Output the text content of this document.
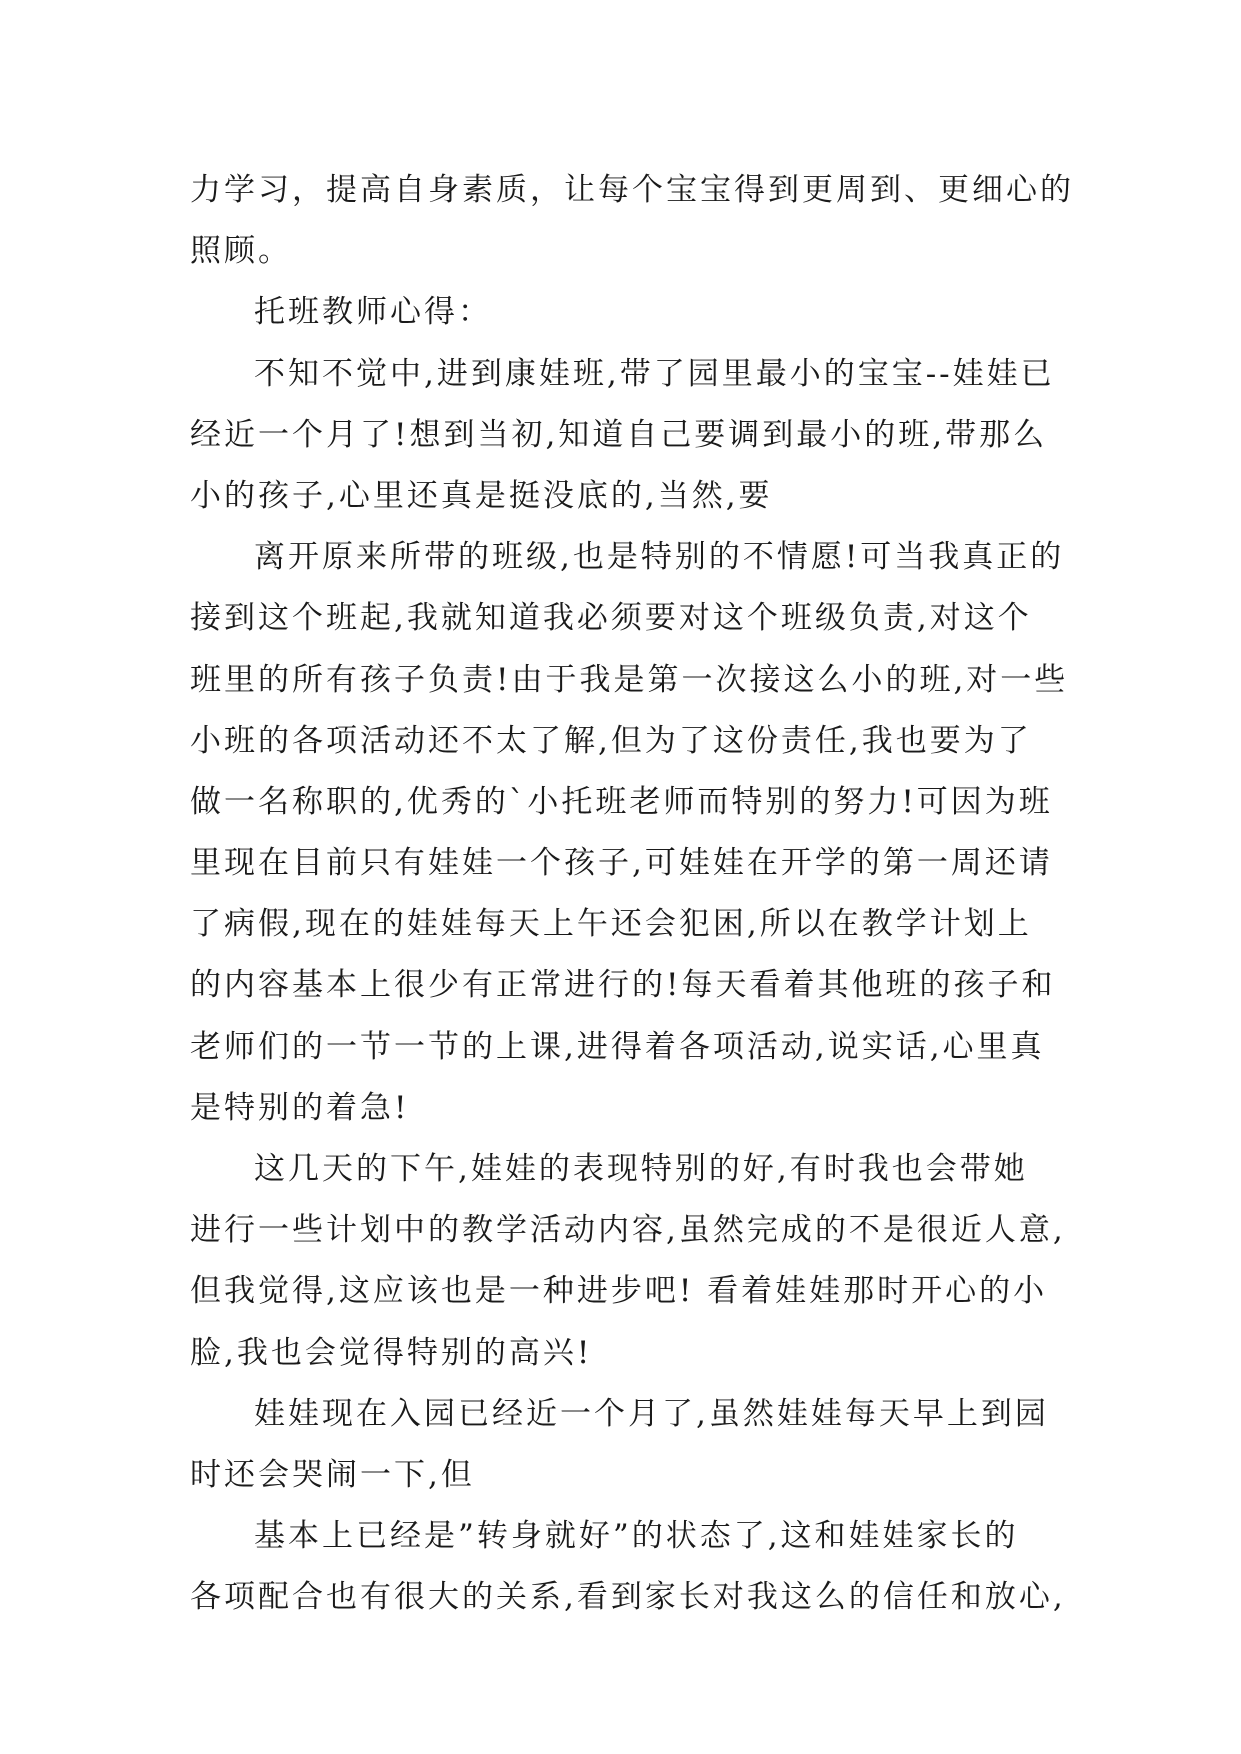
力学习，提高自身素质，让每个宝宝得到更周到、更细心的
照顾。
托班教师心得：
不知不觉中,进到康娃班,带了园里最小的宝宝--娃娃已
经近一个月了!想到当初,知道自己要调到最小的班,带那么
小的孩子,心里还真是挺没底的,当然,要
离开原来所带的班级,也是特别的不情愿!可当我真正的
接到这个班起,我就知道我必须要对这个班级负责,对这个
班里的所有孩子负责!由于我是第一次接这么小的班,对一些
小班的各项活动还不太了解,但为了这份责任,我也要为了
做一名称职的,优秀的`小托班老师而特别的努力!可因为班
里现在目前只有娃娃一个孩子,可娃娃在开学的第一周还请
了病假,现在的娃娃每天上午还会犯困,所以在教学计划上
的内容基本上很少有正常进行的!每天看着其他班的孩子和
老师们的一节一节的上课,进得着各项活动,说实话,心里真
是特别的着急!
这几天的下午,娃娃的表现特别的好,有时我也会带她
进行一些计划中的教学活动内容,虽然完成的不是很近人意,
但我觉得,这应该也是一种进步吧! 看着娃娃那时开心的小
脸,我也会觉得特别的高兴!
娃娃现在入园已经近一个月了,虽然娃娃每天早上到园
时还会哭闹一下,但
基本上已经是”转身就好”的状态了,这和娃娃家长的
各项配合也有很大的关系,看到家长对我这么的信任和放心,
